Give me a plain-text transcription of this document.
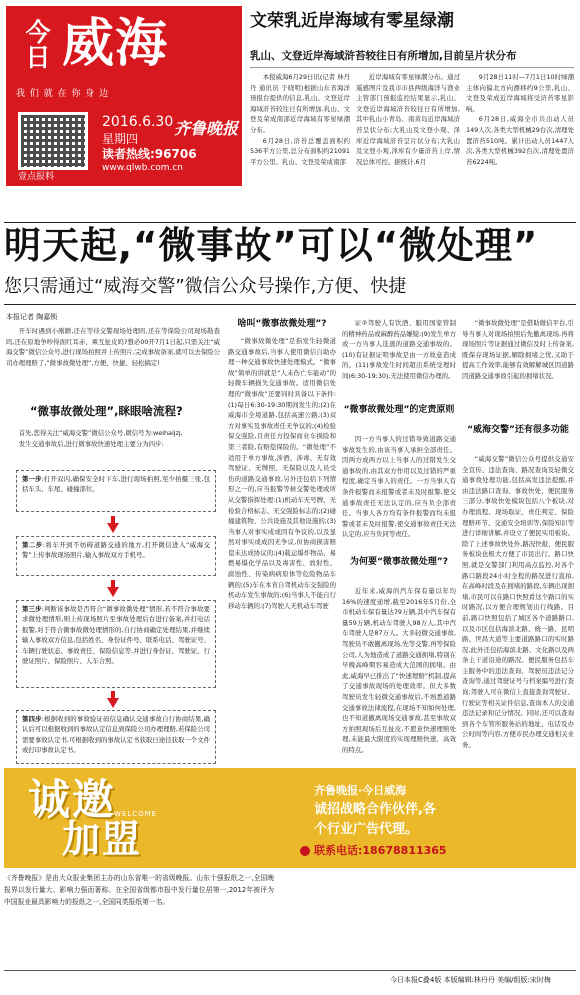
今日 威海
我 们 就 在 你 身 边
壹点报料
2016.6.30
星期四
读者热线:96706
www.qlwb.com.cn
齐鲁晚报
文荣乳近岸海域有零星绿潮
乳山、文登近岸海域浒苔较往日有所增加,目前呈片状分布

本报威海6月29日讯(记者 林丹丹 通讯员 于晓明)根据山东省海洋预报台提供的信息,乳山、文登近岸海域浒苔较往日有所增加,乳山、文登及荣成南部近岸海域有零星绿潮分布。

6月28日,浒苔总覆盖面积约536平方公里,总分布面积约21091平方公里。乳山、文登及荣成南部

近岸海域有零星绿潮分布。通过遥感图片及我市市县两级海洋与渔业主管部门预报监控结果显示,乳山、文登近岸海域浒苔较往日有所增加,其中乳山小青岛、南黄岛近岸海域浒苔呈状分布;大乳山及文登小观、泽库近岸海域浒苔呈片状分布;大乳山及文登小观,泽库有少量浒苔上岸,情况总体可控。据统计,6月

9月28日11时—7月1日10时绿潮主体向偏北方向漂移约9公里,乳山、文登及荣成近岸海域将受浒苔零星影响。

6月28日,威海全市共出动人员149人次,各类大型机械29台次,清理处置浒苔510吨。累计出动人员1447人次,各类大型机械392台次,清理处置浒苔6224吨。

明天起,“微事故”可以“微处理”
您只需通过“威海交警”微信公众号操作,方便、快捷
本报记者 陶嘉锁

开车时遇到小剐蹭,还在等待交警现场处理吗,还在等保险公司现场勘查吗,还在原地争吵得面红耳赤、乘互扯皮吗?想必00开7月1日起,只需关注“威海交警”微信公众号,进行现场拍照并上传照片,完成事故备案,就可以去保险公司办理理赔了,“微事故微处理”,方便、快捷、轻松搞定!

“微事故微处理”,眯眼啥流程?

首先,您得关注“威海交警”微信公众号,微信号为:weihaijzj,

发生交通事故后,进行微事故快速处理主要分为四步:

第一步:打开双闪,确保安全时下车,进行现场拍照,至少拍摄三张,包括车头、车尾、碰撞部位。
第二步:将车开到不妨碍道路交通的地方,打开微信进入“威海交警”上传事故现场照片,输入事故双方手机号。
第三步:判断该事故是否符合“微事故微处理”情形,若不符合事故要求微处理情形,则上传现场照片至事故处理后台进行备案,并打电话报警,对于符合微事故微处理情形的,自行协商确定处理结果,并继续输入事故双方信息,包括姓名、身份证件号、联系电话、驾驶证号、车辆行驶状态、事故责任、保险信息等,并进行身份证、驾驶证、行驶证照片、保险照片、人车合照。
第四步:根据收到的事故验证码信息确认交通事故自行协商结果,确认后可以根据收到的事故认定信息到保险公司办理理赔,若保险公司需要事故认定书,可根据收到的事故认定书获取日途径获取一个文件或打印事故认定书。
啥叫“微事故微处理”?

“微事故微处理”是指发生轻微道路交通事故后,当事人使用微信自助办理一种交通事故快速处理模式。“微事故”简单的讲就是“人未伤亡车能动”的轻微车辆损失交通事故。适用微信处理的“微事故”还要同时具备以下条件:(1)每日6:30-19:30期间发生的;(2)在威海市全境道路,包括高速公路;(3)双方对事实及事故责任无争议的;(4)检验保交强险,且责任方投保商业车损险和第三者险,有赔偿保险的。“微处理”不适用于单方事故,涉酒、涉毒、无有效驾驶证、无牌照、无保险以及人员受伤的道路交通事故,另外还包括下列情形之一的,应当报警等候交警处理或所从交警指挥处理:(1)机动车无号牌、无检验合格标志、无交强险标志的;(2)碰撞建筑物、公共设施及其他设施的;(3)当事人对事实成或因有争议的,以及显然对事实或成因无争议,但协商损害赔偿未达成协议的;(4)载运爆炸物品、易燃易爆化学品以及毒害性、放射性、腐蚀性、传染病病原体等危险物品车辆的;(5)车在本省自驾机动车交强险的机动车发生事故的;(6)当事人不能自行移动车辆的;(7)驾驶人无机动车驾驶

证②驾驶人有饮酒、服用国家管制的精神药品或麻醉药品嫌疑;(9)发生单方或一方当事人选逃的道路交通事故的。(10)有证据证明事故是由一方故意造成的。(11)事故发生时间超出系统受理时间(6:30-19:30),无法使用微信办理的。

“微事故微处理”的定责原则

因一方当事人的过错导致道路交通事故发生的,由该当事人承担全部责任。因两方或两方以上当事人的过错发生交通事故的,由其双方作用以及过错的严重程度,确定当事人的责任。一方当事人有条件报警而未报警或者未及时报警,使交通事故责任无法认定的,应当负全部责任。当事人各方均有条件报警而均未报警或者未及时报警,使交通事故责任无法认定的,应当负同等责任。

为何要“微事故微处理”?

近年来,威海的汽车保有量以年均16%的速度递增,截至2016年5月份,全市机动车保有量达79万辆,其中汽车保有量59万辆,机动车驾驶人98万人,其中汽车驾驶人是87万人。大多轻微交通事故,驾驶员不敢撤离现场,先等交警,再等保险公司,人为地造成了道路交通拥堵,特别在早晚高峰期容易造成大范围的拥堵。由此,威海早已推出了“快速理赔”机制,提高了交通事故现场的处理效率。但大多数驾驶员发生轻微交通事故后,不熟悉道路交通事故法律流程,在现场不知如何处理,也不知道撤离现场交通事故,甚至事故双方拍照现场后互扯皮,不愿意快速理赔处理,未能最大限度的实现理赔快速、高效的特点。

“微事故微处理”是借助微信平台,引导当事人对现场拍照后先撤离现场,再将现场照片等证据通过微信及时上传备案,既保存现场证据,解除拥堵之忧,又助于提高工作效率,能够有效解解城区因道路因道路交通事故引起的拥堵状况。

“威海交警”还有很多功能

“威海交警”微信公众号提供交通安全宣传、违法查询、路况查询及轻微交通事故处理功能,包括高发违法提醒,并由违法路口查询、事故快处、便民服务三部分,事故快处模块包括八个板块,对办理流程、现场取证、责任判定、保险理赔环节、交通安全培训等,保险知识等进行详细讲解,并设立了便民实用板块。除了上述事故快处外,路况快报、便民服务板块也极大方便了市民出行。路口快照,就是交警部门利用高点监控,对各个路口路段24小时全程的路况进行直拍,在高峰时段及在拥堵的路段,车辆出现拥堵,市民可以在路口快照看这个路口的实时路况,以方便合理规划出行线路。目前,路口快照包括了城区各个道路路口,以及市区包括海滨北路、统一路、昆明路、世昌大道等主要道路路口的实时路况,此外还包括海滨北路、文化路以及两条主干道沿途的路况。便民服务包括车主服务中的违法查询、驾驶员违法记分查询等,通过驾驶证号与档案编号进行查询;驾驶人可在微信上直接查询驾驶证、行驶证等相关证件信息,查询本人的交通违法记录和记分情况。同时,还可以查询到各个车管所服务站的地址、电话及办公时间等内容,方便市民办理交通相关业务。

诚邀
WELCOME
加盟
齐鲁晚报·今日威海
诚招战略合作伙伴,各
个行业广告代理。
联系电话:18678811365
《齐鲁晚报》是由大众报业集团主办的山东省唯一的省级晚报。山东十强报纸之一,全国晚报界以发行量大、影响力强而著称。在全国省级都市报中发行量位居第一,2012年被评为中国报业最具影响力的报纸之一,全国同类报纸第一名。
今日本报C叠4版 本版编辑:林丹丹 美编/组版:宋时梅
